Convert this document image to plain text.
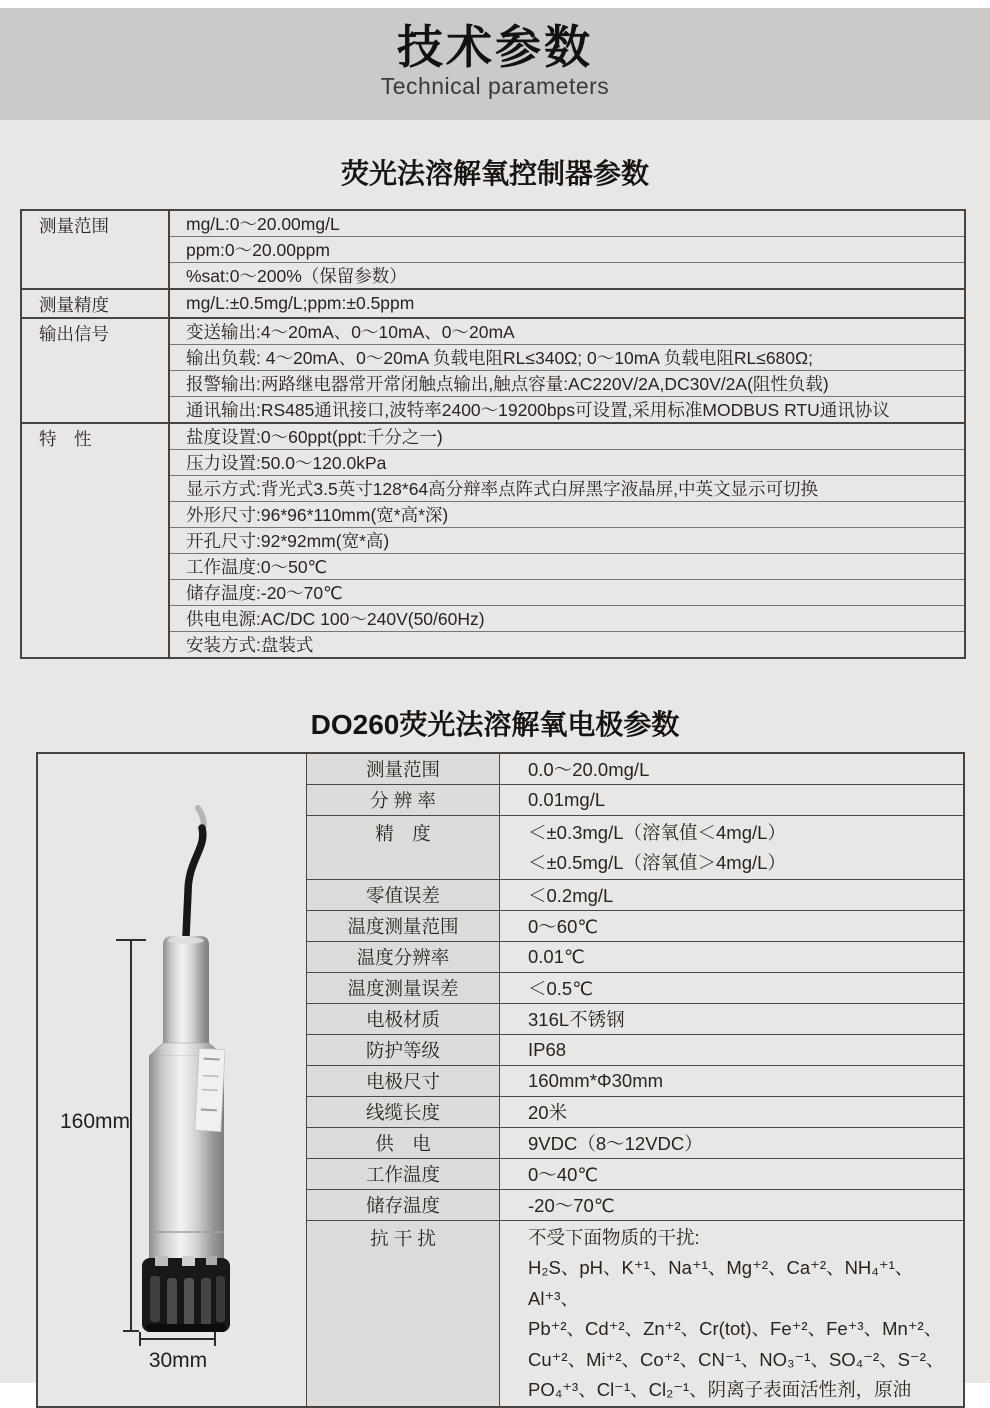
技术参数

Technical parameters

荧光法溶解氧控制器参数
测量范围	mg/L:0～20.00mg/L
	ppm:0～20.00ppm
	%sat:0～200%（保留参数）
测量精度	mg/L:±0.5mg/L;ppm:±0.5ppm
输出信号	变送输出:4～20mA、0～10mA、0～20mA
	输出负载: 4～20mA、0～20mA 负载电阻RL≤340Ω; 0～10mA 负载电阻RL≤680Ω;
	报警输出:两路继电器常开常闭触点输出,触点容量:AC220V/2A,DC30V/2A(阻性负载)
	通讯输出:RS485通讯接口,波特率2400～19200bps可设置,采用标准MODBUS RTU通讯协议
特　性	盐度设置:0～60ppt(ppt:千分之一)
	压力设置:50.0～120.0kPa
	显示方式:背光式3.5英寸128*64高分辩率点阵式白屏黑字液晶屏,中英文显示可切换
	外形尺寸:96*96*110mm(宽*高*深)
	开孔尺寸:92*92mm(宽*高)
	工作温度:0～50℃
	储存温度:-20～70℃
	供电电源:AC/DC 100～240V(50/60Hz)
	安装方式:盘装式
DO260荧光法溶解氧电极参数
160mm
30mm	测量范围	0.0～20.0mg/L
	分 辨 率	0.01mg/L
	精　度	＜±0.3mg/L（溶氧值＜4mg/L）
＜±0.5mg/L（溶氧值＞4mg/L）

	零值误差	＜0.2mg/L
	温度测量范围	0～60℃
	温度分辨率	0.01℃
	温度测量误差	＜0.5℃
	电极材质	316L不锈钢
	防护等级	IP68
	电极尺寸	160mm*Φ30mm
	线缆长度	20米
	供　电	9VDC（8～12VDC）
	工作温度	0～40℃
	储存温度	-20～70℃
	抗 干 扰	不受下面物质的干扰:
H₂S、pH、K⁺¹、Na⁺¹、Mg⁺²、Ca⁺²、NH₄⁺¹、Al⁺³、
Pb⁺²、Cd⁺²、Zn⁺²、Cr(tot)、Fe⁺²、Fe⁺³、Mn⁺²、
Cu⁺²、Mi⁺²、Co⁺²、CN⁻¹、NO₃⁻¹、SO₄⁻²、S⁻²、
PO₄⁺³、Cl⁻¹、Cl₂⁻¹、阴离子表面活性剂，原油
